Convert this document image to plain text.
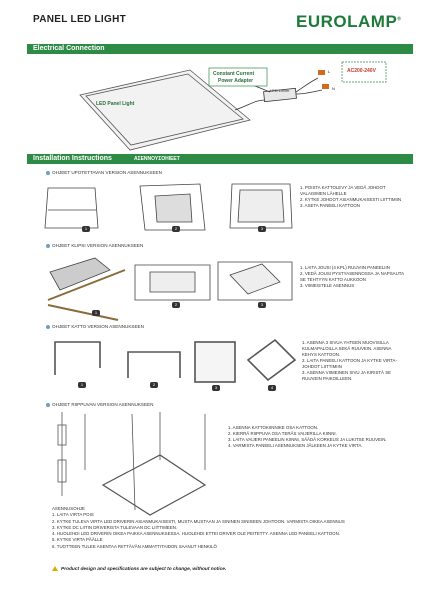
PANEL LED LIGHT	EUROLAMP®
Electrical Connection
Installation Instructions	ΑΣΕΝΝΟΥΣΟΗΙΕΕΤ
LED Panel Light
Constant Current
Power Adapter
LED Driver
AC200-240V
L
N
OHJEET UPOTETTAVAN VERSION ASENNUKSEEN
1. POISTA KATTOLEVY JA VEDÄ JOHDOT
VALAISIMEN LÄHELLE
2. KYTKE JOHDOT ASIANMUKAISESTI LIITTIMIIN
3. ASETA PANEELI KATTOON
1	2	3
OHJEET KLIPSI VERSION ASENNUKSEEN
1. LAITA JOUSI (4 KPL) RUUVIIN PANEELIIN
2. VEDÄ JOUSI PYSTYASENNOSSA JA NAPSAUTA
SE TEHTYYN KATTO AUKKOON
3. VIIMEISTELE ASENNUS
1
2	3
OHJEET KATTO VERSION ASENNUKSEEN
1. ASENNA 3 SIVUA YHTEEN MUOVISILLA
KULMAPALOILLA SEKÄ RUUVEIN. ASENNA
KEHYS KATTOON.
2. LAITA PANEELI KATTOON JA KYTKE VIRTA-
JOHDOT LIITTIMIIN
3. ASENNA VIIMEINEN SIVU JA KIRISTÄ SE
RUUVEIN PAIKOILLEEN.
1	2
3	4
OHJEET RIIPPUVAN VERSION ASENNUKSEEN
1. ASENNA KATTOKIINNIKE OSA KATTOON.
2. KIERRÄ RIIPPUVA OSA TERÄS VAIJERILLA KIINNI.
3. LAITA VAIJERI PANEELIN KIINNI, SÄÄDÄ KORKEUS JA LUKITSE RUUVEIN.
4. VARMISTA PANEELI ASENNUKSEN JÄLKEEN JA KYTKE VIRTA.
ASENNUSOHJE
1. LAITA VIRTA POIS
2. KYTKE TULEVA VIRTA LED DRIVERIN ASIANMUKAISESTI, MUSTA MUSTAAN JA SININEN SINISEEN JOHTOON. VARMISTA OIKEA ASENNUS
3. KYTKE DC LIITIN DRIVERISTA TULEVAAN DC LIITTIMEEN.
4. HUOLEHDI LED DRIVERIN OIKEA PAIKKA ASENNUKSESSA. HUOLEHDI ETTEI DRIVER OLE PEITETTY. ASENNA LED PANEELI KATTOON.
5. KYTKE VIRTA PÄÄLLE
6. TUOTTEEN TULEE ASENTAA RIITTÄVÄN AMMATTITAIDON SAANUT HENKILÖ
Product design and specifications are subject to change, without notice.
